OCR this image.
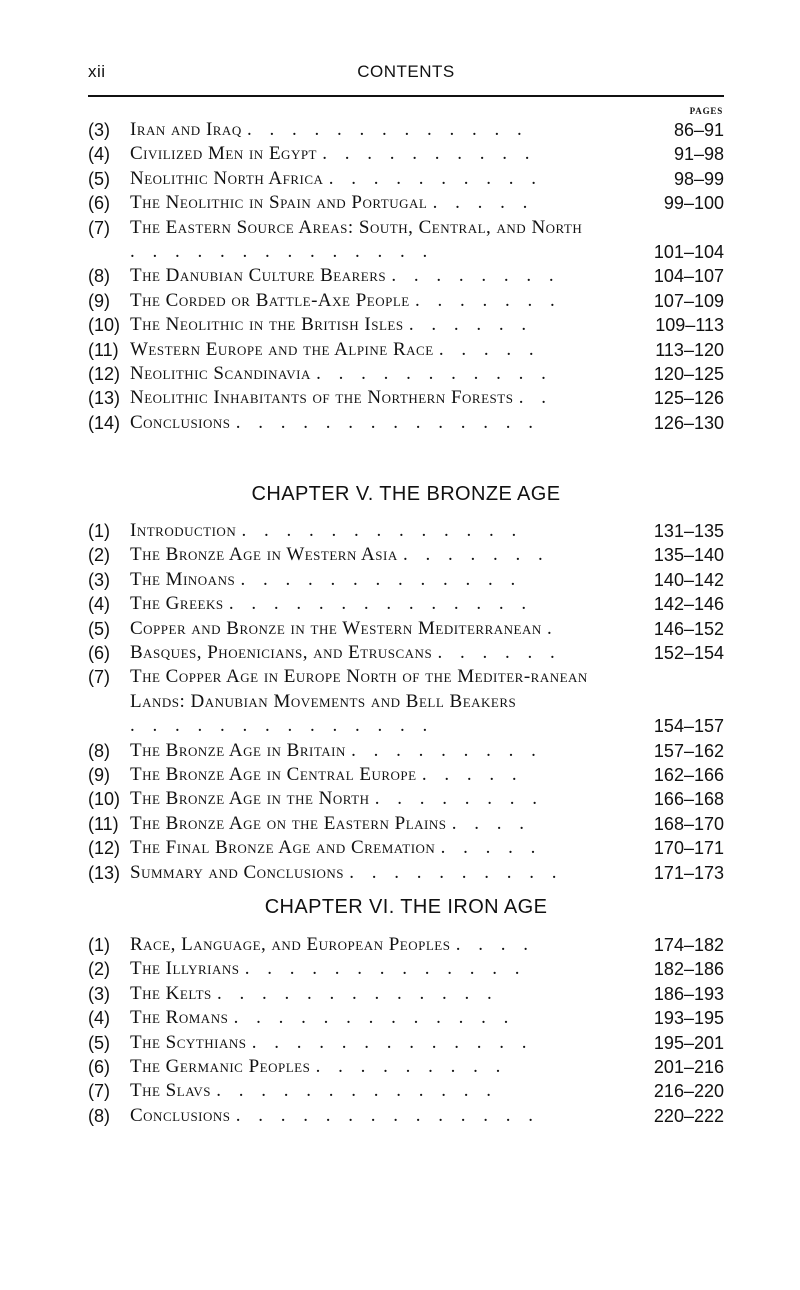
xii	CONTENTS
PAGES
(3)	Iran and Iraq . . . . . . . . . . . . .	86–91
(4)	Civilized Men in Egypt . . . . . . . . . .	91–98
(5)	Neolithic North Africa . . . . . . . . . .	98–99
(6)	The Neolithic in Spain and Portugal . . . . .	99–100
(7)	The Eastern Source Areas: South, Central, and North . . . . . . . . . . . . . .	101–104
(8)	The Danubian Culture Bearers . . . . . . . .	104–107
(9)	The Corded or Battle-Axe People . . . . . . .	107–109
(10) The Neolithic in the British Isles . . . . . .	109–113
(11) Western Europe and the Alpine Race . . . . .	113–120
(12) Neolithic Scandinavia . . . . . . . . . . .	120–125
(13) Neolithic Inhabitants of the Northern Forests . .	125–126
(14) Conclusions . . . . . . . . . . . . . .	126–130
CHAPTER V. THE BRONZE AGE
(1)	Introduction . . . . . . . . . . . . .	131–135
(2)	The Bronze Age in Western Asia . . . . . . .	135–140
(3)	The Minoans . . . . . . . . . . . . .	140–142
(4)	The Greeks . . . . . . . . . . . . . .	142–146
(5)	Copper and Bronze in the Western Mediterranean .	146–152
(6)	Basques, Phoenicians, and Etruscans . . . . . .	152–154
(7)	The Copper Age in Europe North of the Mediter-ranean Lands: Danubian Movements and Bell Beakers . . . . . . . . . . . . . .	154–157
(8)	The Bronze Age in Britain . . . . . . . . .	157–162
(9)	The Bronze Age in Central Europe . . . . .	162–166
(10) The Bronze Age in the North . . . . . . . .	166–168
(11) The Bronze Age on the Eastern Plains . . . .	168–170
(12) The Final Bronze Age and Cremation . . . . .	170–171
(13) Summary and Conclusions . . . . . . . . . .	171–173
CHAPTER VI. THE IRON AGE
(1)	Race, Language, and European Peoples . . . .	174–182
(2)	The Illyrians . . . . . . . . . . . . .	182–186
(3)	The Kelts . . . . . . . . . . . . .	186–193
(4)	The Romans . . . . . . . . . . . . .	193–195
(5)	The Scythians . . . . . . . . . . . . .	195–201
(6)	The Germanic Peoples . . . . . . . . .	201–216
(7)	The Slavs . . . . . . . . . . . . .	216–220
(8)	Conclusions . . . . . . . . . . . . . .	220–222
